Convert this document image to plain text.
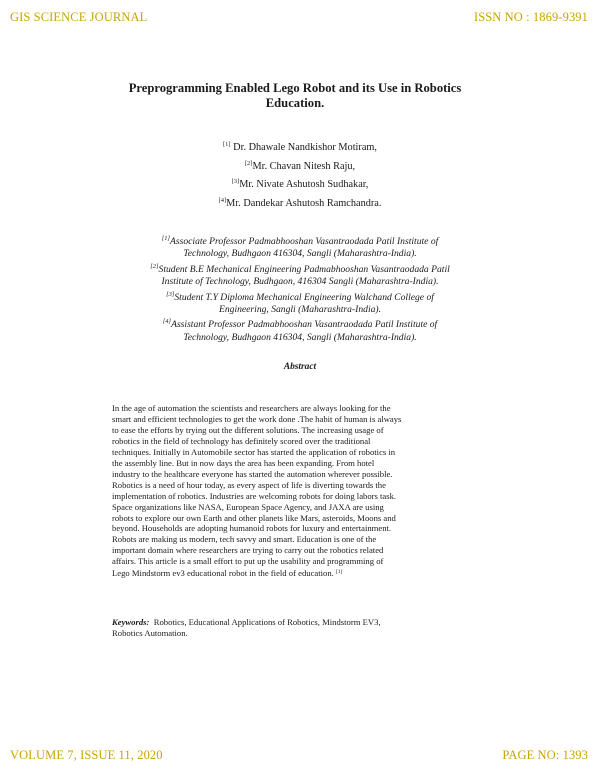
GIS SCIENCE JOURNAL	ISSN NO : 1869-9391
Preprogramming Enabled Lego Robot and its Use in Robotics
Education.
[1] Dr. Dhawale Nandkishor Motiram,
[2]Mr. Chavan Nitesh Raju,
[3]Mr. Nivate Ashutosh Sudhakar,
[4]Mr. Dandekar Ashutosh Ramchandra.
[1]Associate Professor Padmabhooshan Vasantraodada Patil Institute of
Technology, Budhgaon 416304, Sangli (Maharashtra-India).
[2]Student B.E Mechanical Engineering Padmabhooshan Vasantraodada Patil
Institute of Technology, Budhgaon, 416304 Sangli (Maharashtra-India).
[3]Student T.Y Diploma Mechanical Engineering Walchand College of
Engineering, Sangli (Maharashtra-India).
[4]Assistant Professor Padmabhooshan Vasantraodada Patil Institute of
Technology, Budhgaon 416304, Sangli (Maharashtra-India).
Abstract
In the age of automation the scientists and researchers are always looking for the
smart and efficient technologies to get the work done .The habit of human is always
to ease the efforts by trying out the different solutions. The increasing usage of
robotics in the field of technology has definitely scored over the traditional
techniques. Initially in Automobile sector has started the application of robotics in
the assembly line. But in now days the area has been expanding. From hotel
industry to the healthcare everyone has started the automation wherever possible.
Robotics is a need of hour today, as every aspect of life is diverting towards the
implementation of robotics. Industries are welcoming robots for doing labors task.
Space organizations like NASA, European Space Agency, and JAXA are using
robots to explore our own Earth and other planets like Mars, asteroids, Moons and
beyond. Households are adopting humanoid robots for luxury and entertainment.
Robots are making us modern, tech savvy and smart. Education is one of the
important domain where researchers are trying to carry out the robotics related
affairs. This article is a small effort to put up the usability and programming of
Lego Mindstorm ev3 educational robot in the field of education. [1]
Keywords:  Robotics, Educational Applications of Robotics, Mindstorm EV3,
Robotics Automation.
VOLUME 7, ISSUE 11, 2020	PAGE NO: 1393
